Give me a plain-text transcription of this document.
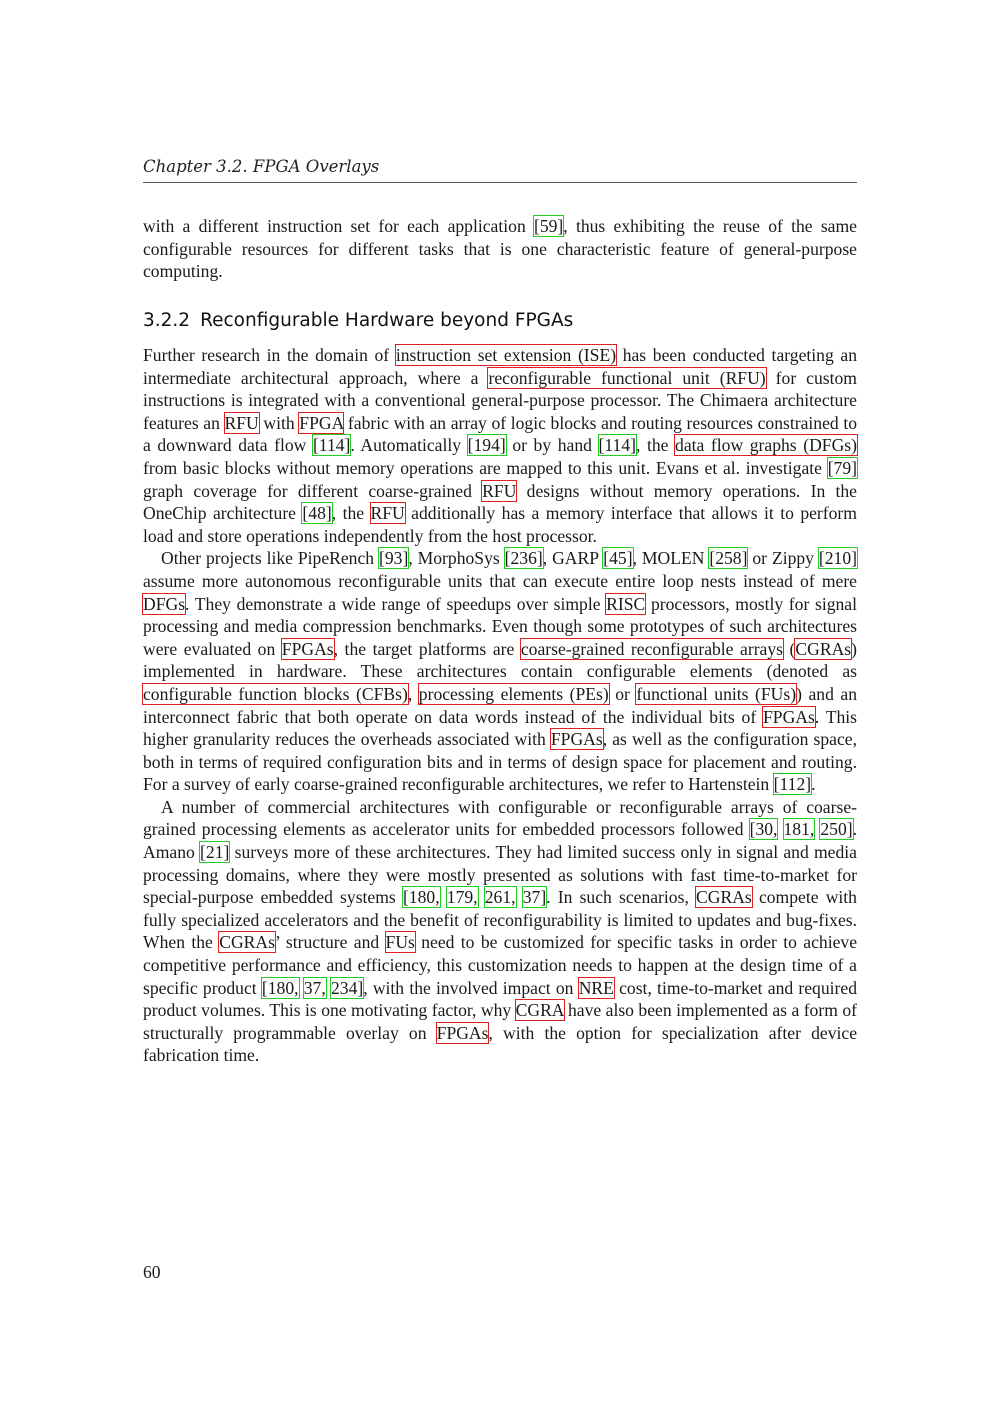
Chapter 3.2. FPGA Overlays

with a different instruction set for each application [59], thus exhibiting the reuse of the same configurable resources for different tasks that is one characteristic feature of general-purpose computing.

3.2.2 Reconfigurable Hardware beyond FPGAs

Further research in the domain of instruction set extension (ISE) has been conducted targeting an intermediate architectural approach, where a reconfigurable functional unit (RFU) for custom instructions is integrated with a conventional general-purpose processor. The Chimaera architecture features an RFU with FPGA fabric with an array of logic blocks and routing resources constrained to a downward data flow [114]. Automatically [194] or by hand [114], the data flow graphs (DFGs) from basic blocks without memory operations are mapped to this unit. Evans et al. investigate [79] graph coverage for different coarse-grained RFU designs without memory operations. In the OneChip architecture [48], the RFU additionally has a memory interface that allows it to perform load and store operations independently from the host processor.

Other projects like PipeRench [93], MorphoSys [236], GARP [45], MOLEN [258] or Zippy [210] assume more autonomous reconfigurable units that can execute entire loop nests instead of mere DFGs. They demonstrate a wide range of speedups over simple RISC processors, mostly for signal processing and media compression benchmarks. Even though some prototypes of such architectures were evaluated on FPGAs, the target platforms are coarse-grained reconfigurable arrays (CGRAs) implemented in hardware. These architectures contain configurable elements (denoted as configurable function blocks (CFBs), processing elements (PEs) or functional units (FUs)) and an interconnect fabric that both operate on data words instead of the individual bits of FPGAs. This higher granularity reduces the overheads associated with FPGAs, as well as the configuration space, both in terms of required configuration bits and in terms of design space for placement and routing. For a survey of early coarse-grained reconfigurable architectures, we refer to Hartenstein [112].

A number of commercial architectures with configurable or reconfigurable arrays of coarse-grained processing elements as accelerator units for embedded processors followed [30, 181, 250]. Amano [21] surveys more of these architectures. They had limited success only in signal and media processing domains, where they were mostly presented as solutions with fast time-to-market for special-purpose embedded systems [180, 179, 261, 37]. In such scenarios, CGRAs compete with fully specialized accelerators and the benefit of reconfigurability is limited to updates and bug-fixes. When the CGRAs’ structure and FUs need to be customized for specific tasks in order to achieve competitive performance and efficiency, this customization needs to happen at the design time of a specific product [180, 37, 234], with the involved impact on NRE cost, time-to-market and required product volumes. This is one motivating factor, why CGRA have also been implemented as a form of structurally programmable overlay on FPGAs, with the option for specialization after device fabrication time.

60
